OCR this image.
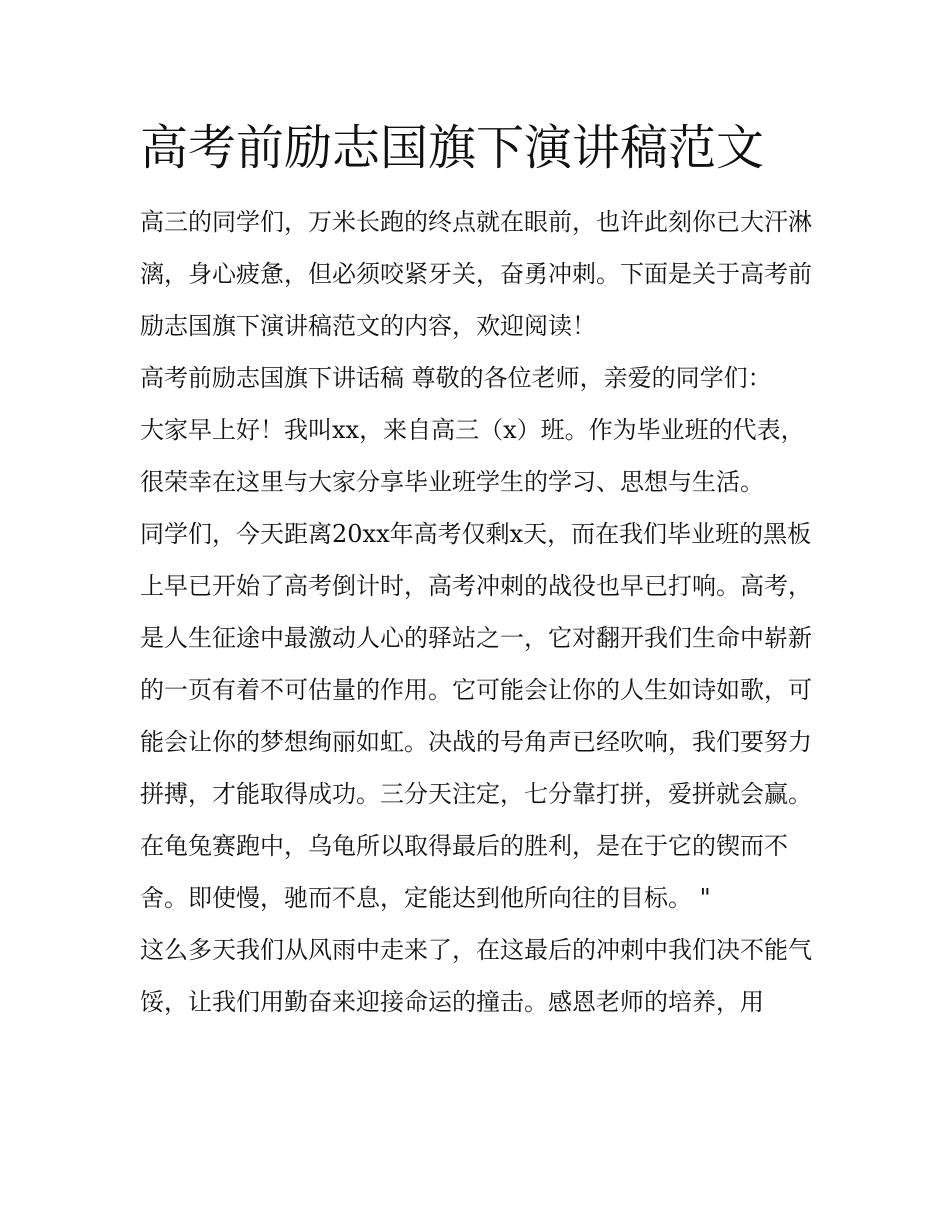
高考前励志国旗下演讲稿范文

高三的同学们，万米长跑的终点就在眼前，也许此刻你已大汗淋漓，身心疲惫，但必须咬紧牙关，奋勇冲刺。下面是关于高考前励志国旗下演讲稿范文的内容，欢迎阅读！

高考前励志国旗下讲话稿 尊敬的各位老师，亲爱的同学们：

大家早上好！我叫xx，来自高三（x）班。作为毕业班的代表，很荣幸在这里与大家分享毕业班学生的学习、思想与生活。

同学们，今天距离20xx年高考仅剩x天，而在我们毕业班的黑板上早已开始了高考倒计时，高考冲刺的战役也早已打响。高考，是人生征途中最激动人心的驿站之一，它对翻开我们生命中崭新的一页有着不可估量的作用。它可能会让你的人生如诗如歌，可能会让你的梦想绚丽如虹。决战的号角声已经吹响，我们要努力拼搏，才能取得成功。三分天注定，七分靠打拼，爱拼就会赢。在龟兔赛跑中，乌龟所以取得最后的胜利，是在于它的锲而不舍。即使慢，驰而不息，定能达到他所向往的目标。 "

这么多天我们从风雨中走来了，在这最后的冲刺中我们决不能气馁，让我们用勤奋来迎接命运的撞击。感恩老师的培养，用
